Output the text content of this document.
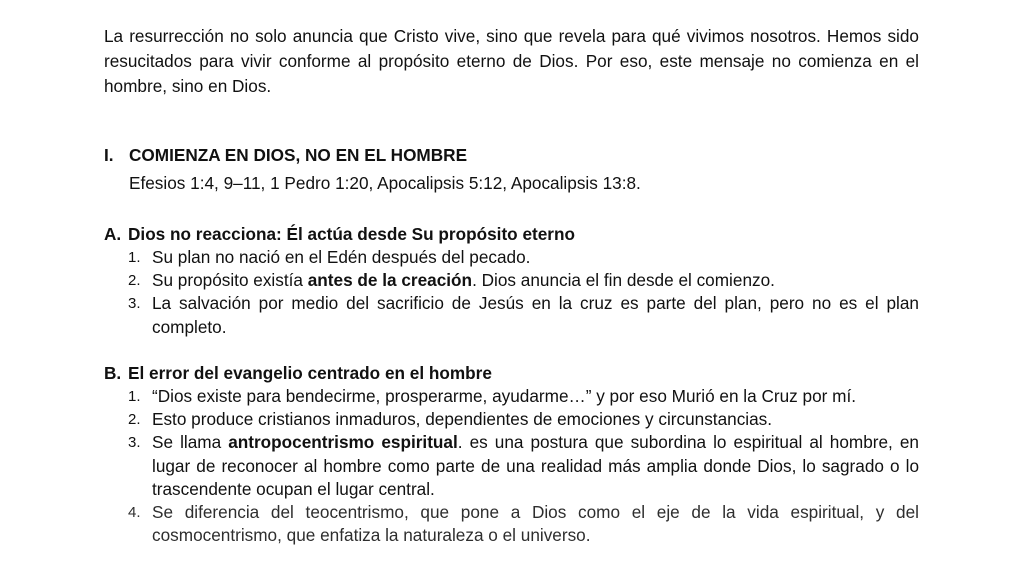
La resurrección no solo anuncia que Cristo vive, sino que revela para qué vivimos nosotros. Hemos sido resucitados para vivir conforme al propósito eterno de Dios. Por eso, este mensaje no comienza en el hombre, sino en Dios.
I. COMIENZA EN DIOS, NO EN EL HOMBRE
Efesios 1:4, 9–11, 1 Pedro 1:20, Apocalipsis 5:12, Apocalipsis 13:8.
A. Dios no reacciona: Él actúa desde Su propósito eterno
1. Su plan no nació en el Edén después del pecado.
2. Su propósito existía antes de la creación. Dios anuncia el fin desde el comienzo.
3. La salvación por medio del sacrificio de Jesús en la cruz es parte del plan, pero no es el plan completo.
B. El error del evangelio centrado en el hombre
1. “Dios existe para bendecirme, prosperarme, ayudarme…” y por eso Murió en la Cruz por mí.
2. Esto produce cristianos inmaduros, dependientes de emociones y circunstancias.
3. Se llama antropocentrismo espiritual. es una postura que subordina lo espiritual al hombre, en lugar de reconocer al hombre como parte de una realidad más amplia donde Dios, lo sagrado o lo trascendente ocupan el lugar central.
4. Se diferencia del teocentrismo, que pone a Dios como el eje de la vida espiritual, y del cosmocentrismo, que enfatiza la naturaleza o el universo.
